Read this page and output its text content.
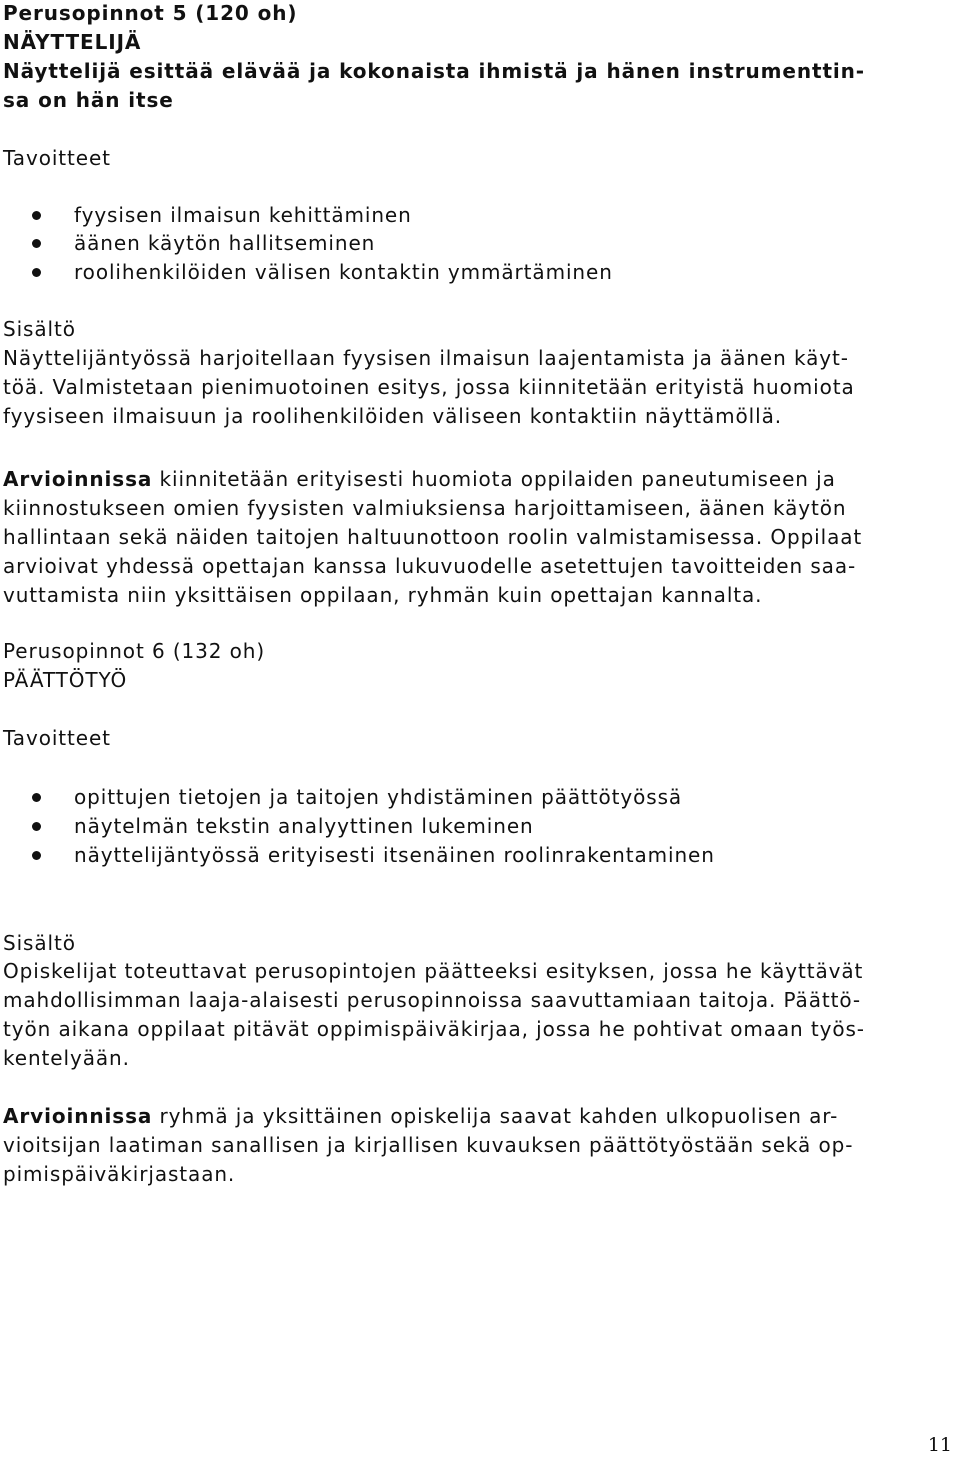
Perusopinnot 5 (120 oh)
NÄYTTELIJÄ
Näyttelijä esittää elävää ja kokonaista ihmistä ja hänen instrumenttin-
sa on hän itse
Tavoitteet
fyysisen ilmaisun kehittäminen
äänen käytön hallitseminen
roolihenkilöiden välisen kontaktin ymmärtäminen
Sisältö
Näyttelijäntyössä harjoitellaan fyysisen ilmaisun laajentamista ja äänen käyt-
töä. Valmistetaan pienimuotoinen esitys, jossa kiinnitetään erityistä huomiota
fyysiseen ilmaisuun ja roolihenkilöiden väliseen kontaktiin näyttämöllä.
Arvioinnissa kiinnitetään erityisesti huomiota oppilaiden paneutumiseen ja
kiinnostukseen omien fyysisten valmiuksiensa harjoittamiseen, äänen käytön
hallintaan sekä näiden taitojen haltuunottoon roolin valmistamisessa. Oppilaat
arvioivat yhdessä opettajan kanssa lukuvuodelle asetettujen tavoitteiden saa-
vuttamista niin yksittäisen oppilaan, ryhmän kuin opettajan kannalta.
Perusopinnot 6 (132 oh)
PÄÄTTÖTYÖ
Tavoitteet
opittujen tietojen ja taitojen yhdistäminen päättötyössä
näytelmän tekstin analyyttinen lukeminen
näyttelijäntyössä erityisesti itsenäinen roolinrakentaminen
Sisältö
Opiskelijat toteuttavat perusopintojen päätteeksi esityksen, jossa he käyttävät
mahdollisimman laaja-alaisesti perusopinnoissa saavuttamiaan taitoja. Päättö-
työn aikana oppilaat pitävät oppimispäiväkirjaa, jossa he pohtivat omaan työs-
kentelyään.
Arvioinnissa ryhmä ja yksittäinen opiskelija saavat kahden ulkopuolisen ar-
vioitsijan laatiman sanallisen ja kirjallisen kuvauksen päättötyöstään sekä op-
pimispäiväkirjastaan.
11
